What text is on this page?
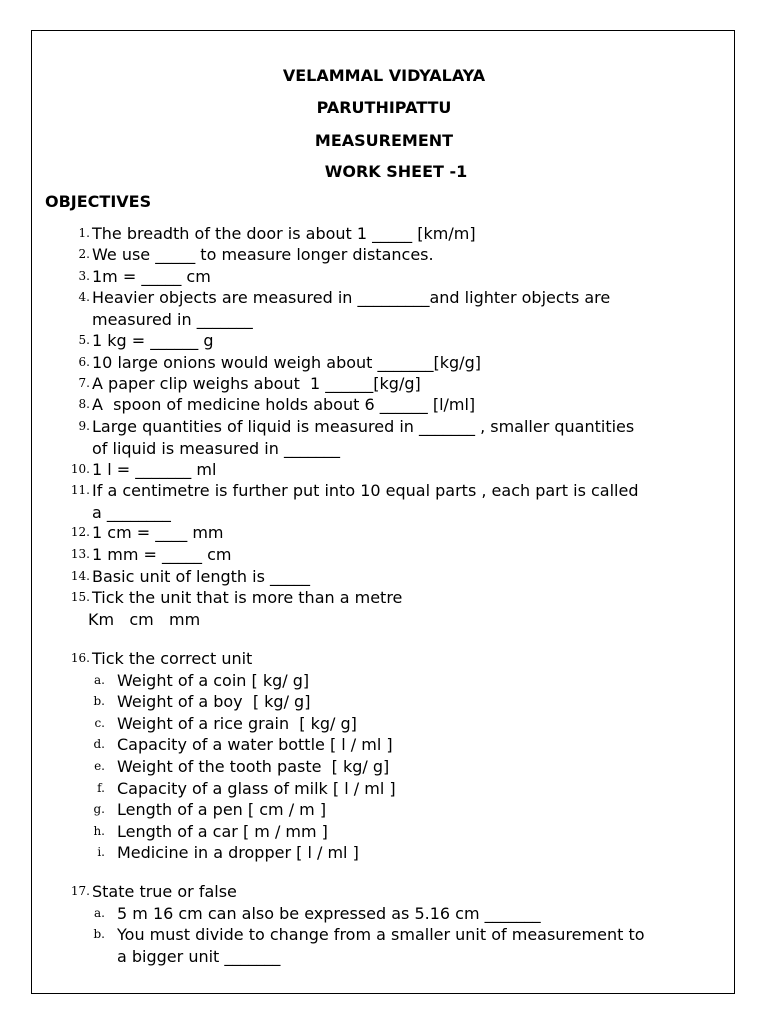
VELAMMAL VIDYALAYA
PARUTHIPATTU
MEASUREMENT
WORK SHEET -1
OBJECTIVES
1. The breadth of the door is about 1 _____ [km/m]
2. We use _____ to measure longer distances.
3. 1m = _____ cm
4. Heavier objects are measured in _________and lighter objects are
measured in _______
5. 1 kg = ______ g
6. 10 large onions would weigh about _______[kg/g]
7. A paper clip weighs about  1 ______[kg/g]
8. A  spoon of medicine holds about 6 ______ [l/ml]
9. Large quantities of liquid is measured in _______ , smaller quantities
of liquid is measured in _______
10. 1 l = _______ ml
11. If a centimetre is further put into 10 equal parts , each part is called
a ________
12. 1 cm = ____ mm
13. 1 mm = _____ cm
14. Basic unit of length is _____
15. Tick the unit that is more than a metre
Km   cm   mm
16. Tick the correct unit
a. Weight of a coin [ kg/ g]
b. Weight of a boy  [ kg/ g]
c. Weight of a rice grain  [ kg/ g]
d. Capacity of a water bottle [ l / ml ]
e. Weight of the tooth paste  [ kg/ g]
f. Capacity of a glass of milk [ l / ml ]
g. Length of a pen [ cm / m ]
h. Length of a car [ m / mm ]
i. Medicine in a dropper [ l / ml ]
17. State true or false
a. 5 m 16 cm can also be expressed as 5.16 cm _______
b. You must divide to change from a smaller unit of measurement to
a bigger unit _______
